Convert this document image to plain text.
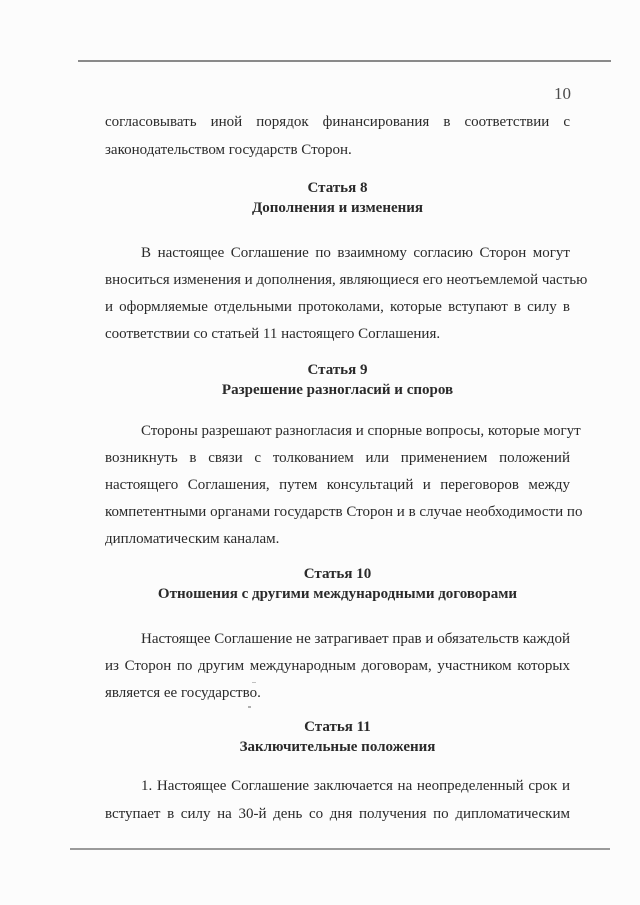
10
согласовывать иной порядок финансирования в соответствии с
законодательством государств Сторон.
Статья 8
Дополнения и изменения
В настоящее Соглашение по взаимному согласию Сторон могут
вноситься изменения и дополнения, являющиеся его неотъемлемой частью
и оформляемые отдельными протоколами, которые вступают в силу в
соответствии со статьей 11 настоящего Соглашения.
Статья 9
Разрешение разногласий и споров
Стороны разрешают разногласия и спорные вопросы, которые могут
возникнуть в связи с толкованием или применением положений
настоящего Соглашения, путем консультаций и переговоров между
компетентными органами государств Сторон и в случае необходимости по
дипломатическим каналам.
Статья 10
Отношения с другими международными договорами
Настоящее Соглашение не затрагивает прав и обязательств каждой
из Сторон по другим международным договорам, участником которых
является ее государство.
Статья 11
Заключительные положения
1. Настоящее Соглашение заключается на неопределенный срок и
вступает в силу на 30-й день со дня получения по дипломатическим
